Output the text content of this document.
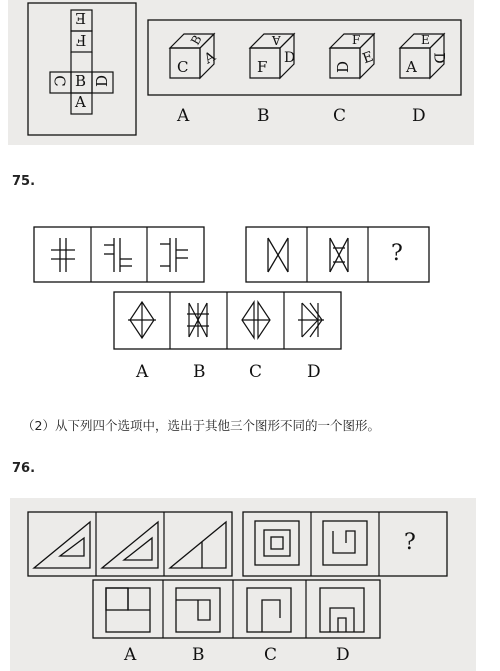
E
F
C B D
A
C
B
A	F
A
D
D
F
E A
E
D
A	B	C	D
75.
?
A	B	C	D
（2）从下列四个选项中，选出于其他三个图形不同的一个图形。
76.
?
A	B	C	D
